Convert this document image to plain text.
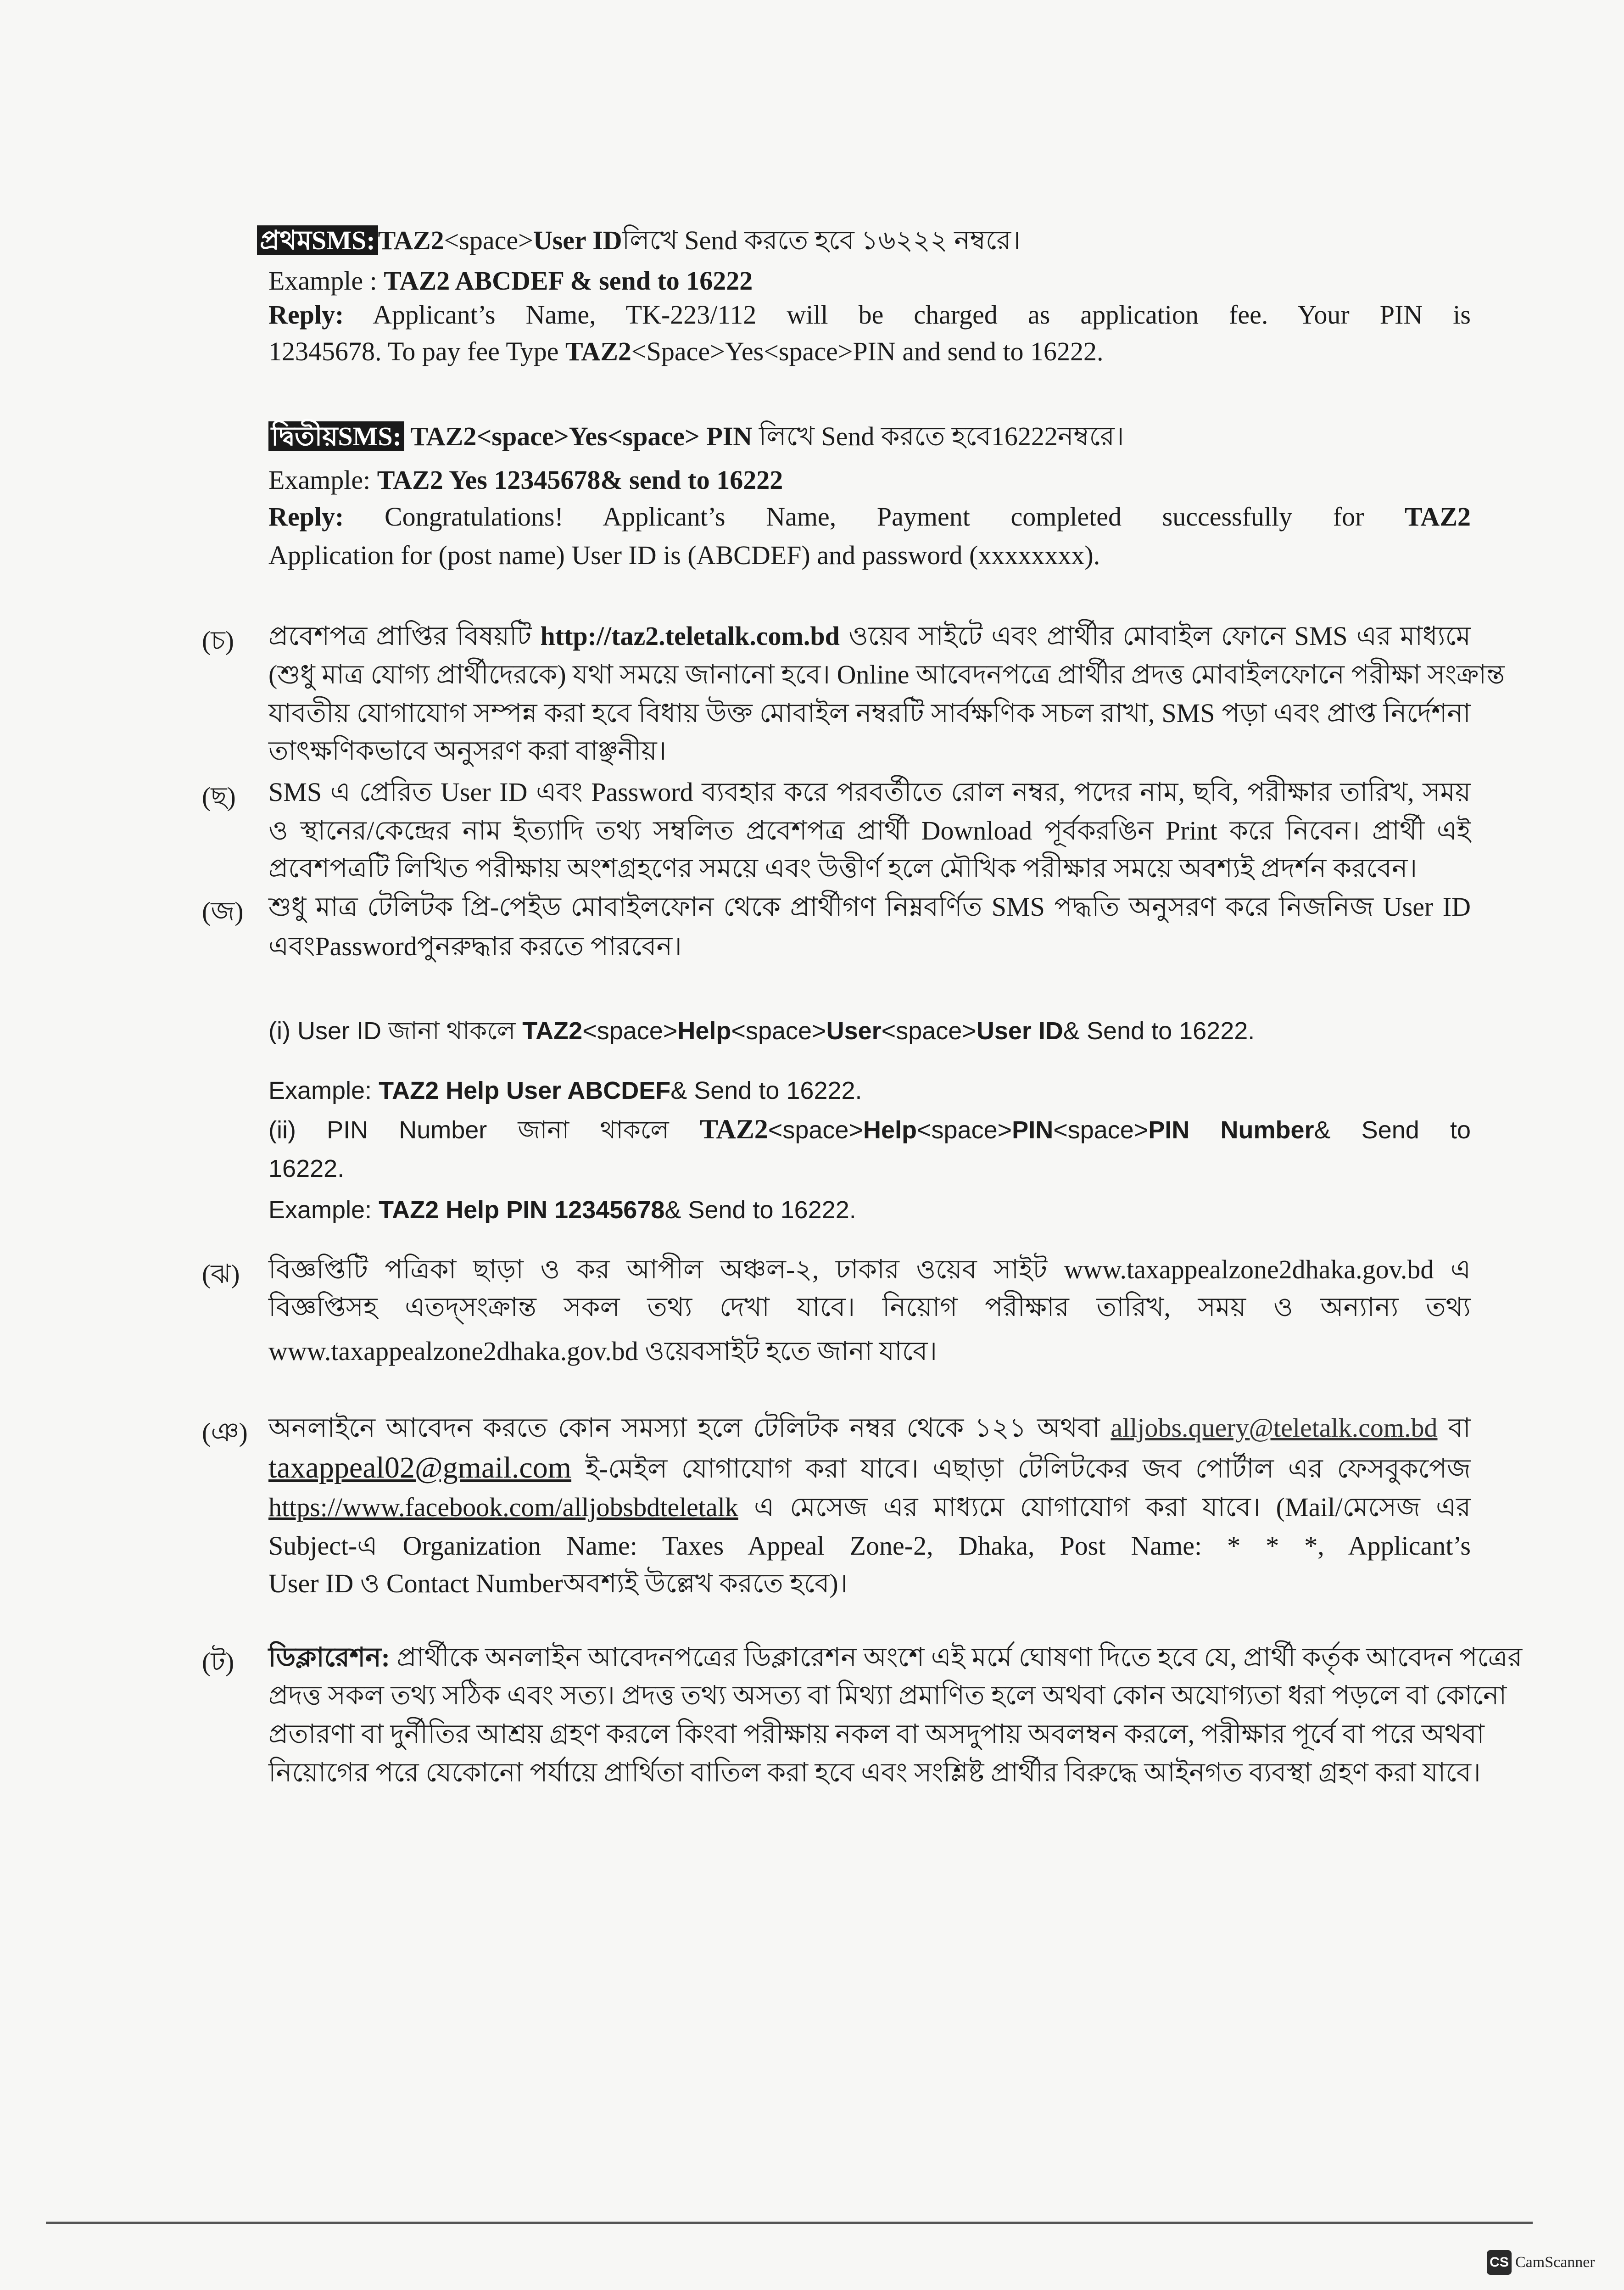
প্রথমSMS: TAZ2<space>User IDলিখে Send করতে হবে ১৬২২২ নম্বরে।
Example : TAZ2 ABCDEF & send to 16222
Reply: Applicant’s Name, TK-223/112 will be charged as application fee. Your PIN is
12345678. To pay fee Type TAZ2<Space>Yes<space>PIN and send to 16222.
দ্বিতীয়SMS: TAZ2<space>Yes<space> PIN লিখে Send করতে হবে16222নম্বরে।
Example: TAZ2 Yes 12345678& send to 16222
Reply: Congratulations! Applicant’s Name, Payment completed successfully for TAZ2
Application for (post name) User ID is (ABCDEF) and password (xxxxxxxx).
(চ) প্রবেশপত্র প্রাপ্তির বিষয়টি http://taz2.teletalk.com.bd ওয়েব সাইটে এবং প্রার্থীর মোবাইল ফোনে SMS এর মাধ্যমে
(শুধু মাত্র যোগ্য প্রার্থীদেরকে) যথা সময়ে জানানো হবে। Online আবেদনপত্রে প্রার্থীর প্রদত্ত মোবাইলফোনে পরীক্ষা সংক্রান্ত
যাবতীয় যোগাযোগ সম্পন্ন করা হবে বিধায় উক্ত মোবাইল নম্বরটি সার্বক্ষণিক সচল রাখা, SMS পড়া এবং প্রাপ্ত নির্দেশনা
তাৎক্ষণিকভাবে অনুসরণ করা বাঞ্ছনীয়।
(ছ) SMS এ প্রেরিত User ID এবং Password ব্যবহার করে পরবর্তীতে রোল নম্বর, পদের নাম, ছবি, পরীক্ষার তারিখ, সময়
ও স্থানের/কেন্দ্রের নাম ইত্যাদি তথ্য সম্বলিত প্রবেশপত্র প্রার্থী Download পূর্বকরঙিন Print করে নিবেন। প্রার্থী এই
প্রবেশপত্রটি লিখিত পরীক্ষায় অংশগ্রহণের সময়ে এবং উত্তীর্ণ হলে মৌখিক পরীক্ষার সময়ে অবশ্যই প্রদর্শন করবেন।
(জ) শুধু মাত্র টেলিটক প্রি-পেইড মোবাইলফোন থেকে প্রার্থীগণ নিম্নবর্ণিত SMS পদ্ধতি অনুসরণ করে নিজনিজ User ID
এবংPasswordপুনরুদ্ধার করতে পারবেন।
(i) User ID জানা থাকলে TAZ2<space>Help<space>User<space>User ID& Send to 16222.
Example: TAZ2 Help User ABCDEF& Send to 16222.
(ii) PIN Number জানা থাকলে TAZ2<space>Help<space>PIN<space>PIN Number& Send to
16222.
Example: TAZ2 Help PIN 12345678& Send to 16222.
(ঝ) বিজ্ঞপ্তিটি পত্রিকা ছাড়া ও কর আপীল অঞ্চল-২, ঢাকার ওয়েব সাইট www.taxappealzone2dhaka.gov.bd এ
বিজ্ঞপ্তিসহ এতদ্‌সংক্রান্ত সকল তথ্য দেখা যাবে। নিয়োগ পরীক্ষার তারিখ, সময় ও অন্যান্য তথ্য
www.taxappealzone2dhaka.gov.bd ওয়েবসাইট হতে জানা যাবে।
(ঞ) অনলাইনে আবেদন করতে কোন সমস্যা হলে টেলিটক নম্বর থেকে ১২১ অথবা alljobs.query@teletalk.com.bd বা
taxappeal02@gmail.com ই-মেইল যোগাযোগ করা যাবে। এছাড়া টেলিটকের জব পোর্টাল এর ফেসবুকপেজ
https://www.facebook.com/alljobsbdteletalk এ মেসেজ এর মাধ্যমে যোগাযোগ করা যাবে। (Mail/মেসেজ এর
Subject-এ Organization Name: Taxes Appeal Zone-2, Dhaka, Post Name: * * *, Applicant’s
User ID ও Contact Numberঅবশ্যই উল্লেখ করতে হবে)।
(ট) ডিক্লারেশন: প্রার্থীকে অনলাইন আবেদনপত্রের ডিক্লারেশন অংশে এই মর্মে ঘোষণা দিতে হবে যে, প্রার্থী কর্তৃক আবেদন পত্রের
প্রদত্ত সকল তথ্য সঠিক এবং সত্য। প্রদত্ত তথ্য অসত্য বা মিথ্যা প্রমাণিত হলে অথবা কোন অযোগ্যতা ধরা পড়লে বা কোনো
প্রতারণা বা দুর্নীতির আশ্রয় গ্রহণ করলে কিংবা পরীক্ষায় নকল বা অসদুপায় অবলম্বন করলে, পরীক্ষার পূর্বে বা পরে অথবা
নিয়োগের পরে যেকোনো পর্যায়ে প্রার্থিতা বাতিল করা হবে এবং সংশ্লিষ্ট প্রার্থীর বিরুদ্ধে আইনগত ব্যবস্থা গ্রহণ করা যাবে।
CS CamScanner
